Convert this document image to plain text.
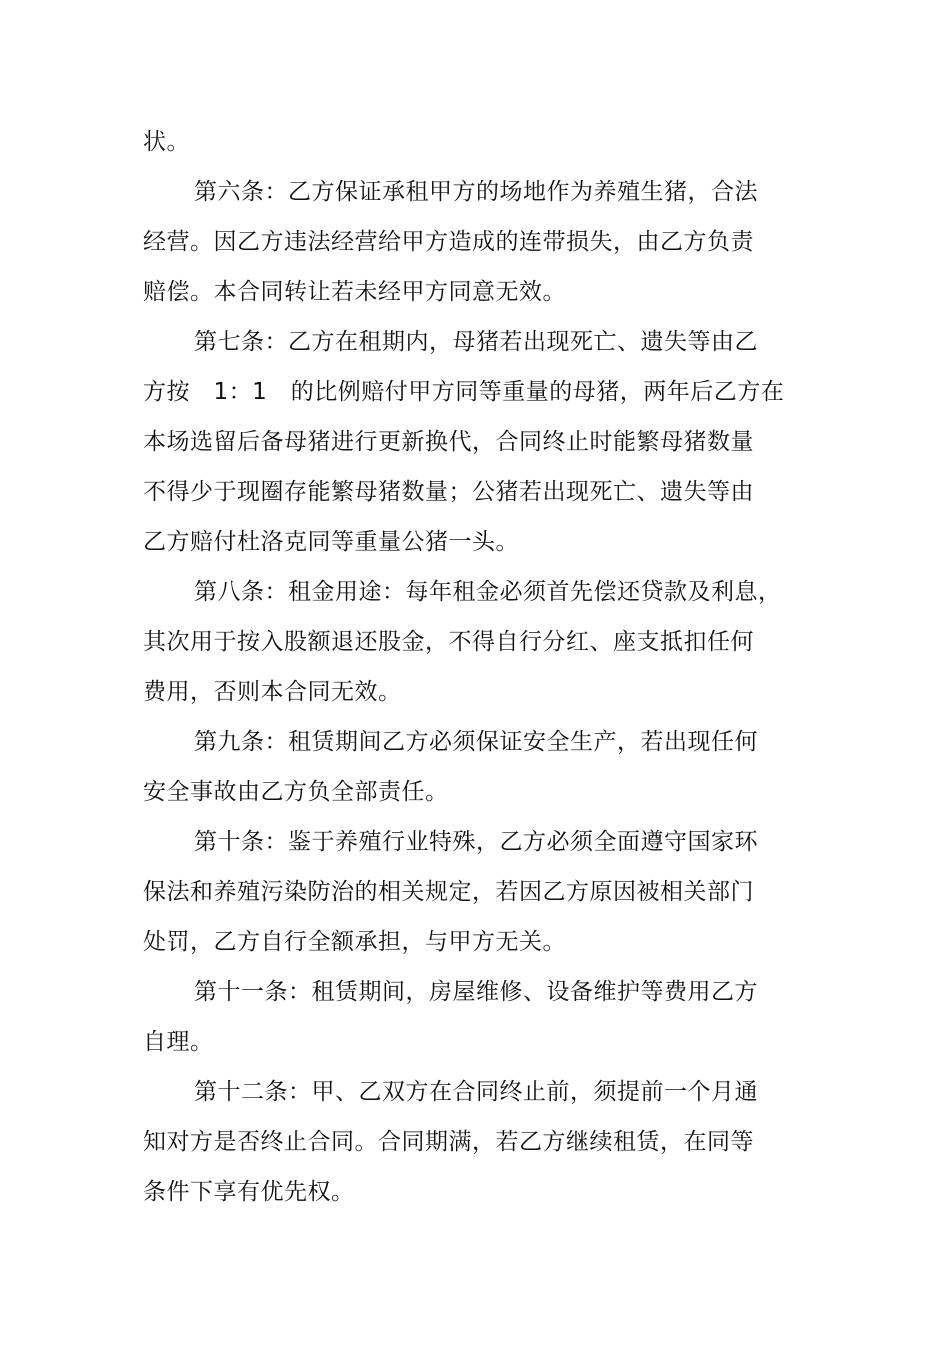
状。
第六条：乙方保证承租甲方的场地作为养殖生猪，合法
经营。因乙方违法经营给甲方造成的连带损失，由乙方负责
赔偿。本合同转让若未经甲方同意无效。
第七条：乙方在租期内，母猪若出现死亡、遗失等由乙
方按　1：1　的比例赔付甲方同等重量的母猪，两年后乙方在
本场选留后备母猪进行更新换代，合同终止时能繁母猪数量
不得少于现圈存能繁母猪数量；公猪若出现死亡、遗失等由
乙方赔付杜洛克同等重量公猪一头。
第八条：租金用途：每年租金必须首先偿还贷款及利息，
其次用于按入股额退还股金，不得自行分红、座支抵扣任何
费用，否则本合同无效。
第九条：租赁期间乙方必须保证安全生产，若出现任何
安全事故由乙方负全部责任。
第十条：鉴于养殖行业特殊，乙方必须全面遵守国家环
保法和养殖污染防治的相关规定，若因乙方原因被相关部门
处罚，乙方自行全额承担，与甲方无关。
第十一条：租赁期间，房屋维修、设备维护等费用乙方
自理。
第十二条：甲、乙双方在合同终止前，须提前一个月通
知对方是否终止合同。合同期满，若乙方继续租赁，在同等
条件下享有优先权。
